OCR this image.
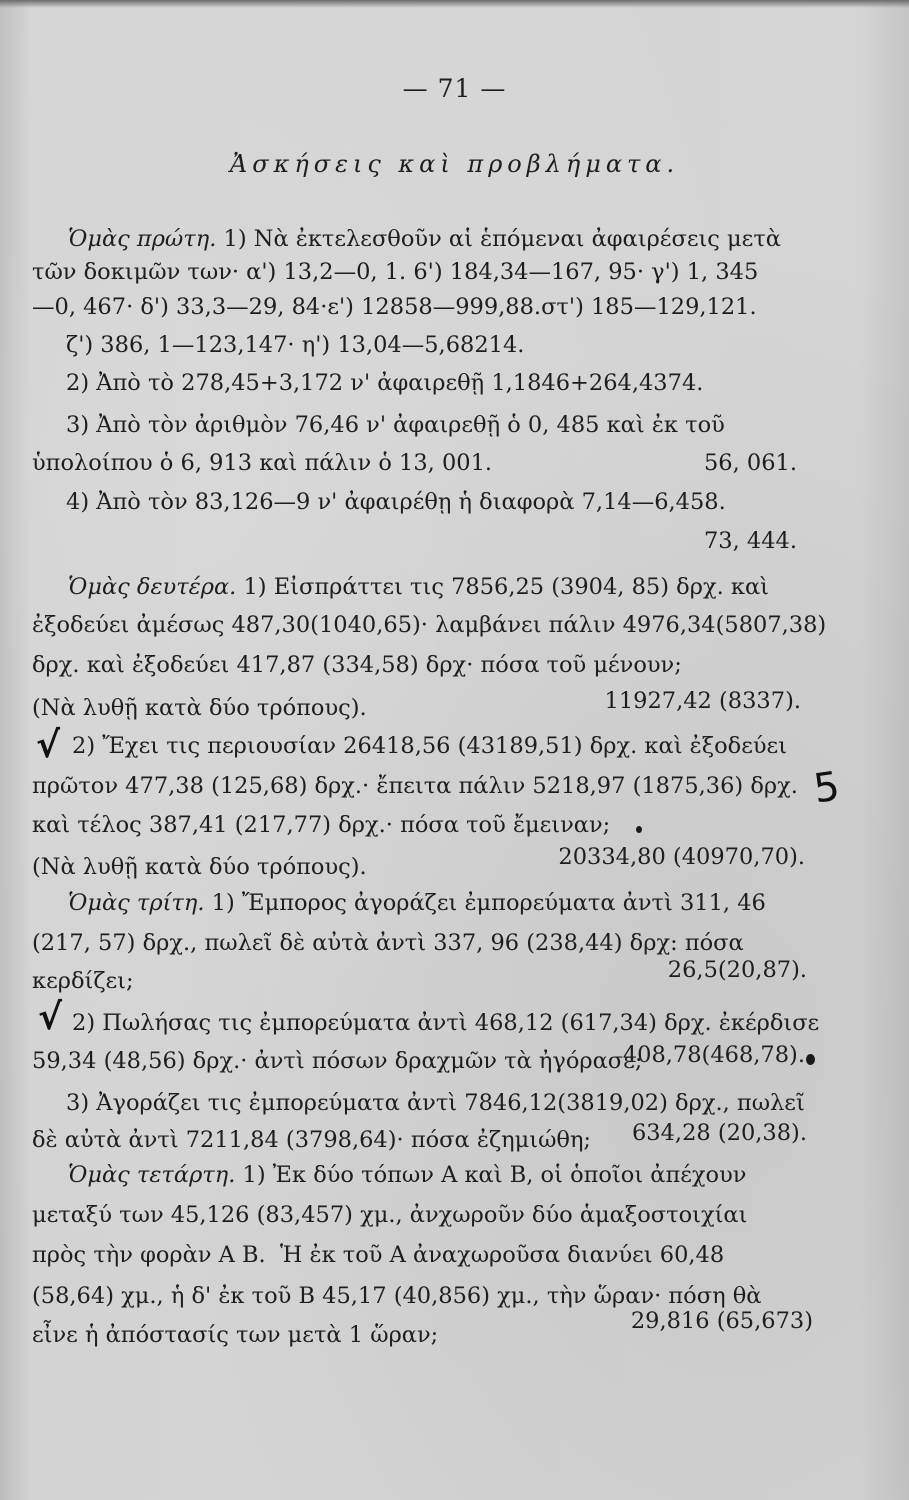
— 71 —
Ἀσκήσεις καὶ προβλήματα.
Ὁμὰς πρώτη. 1) Νὰ ἐκτελεσθοῦν αἱ ἑπόμεναι ἀφαιρέσεις μετὰ
τῶν δοκιμῶν των· α') 13,2—0, 1. 6') 184,34—167, 95· γ') 1, 345
—0, 467· δ') 33,3—29, 84·ε') 12858—999,88.στ') 185—129,121.
ζ') 386, 1—123,147· η') 13,04—5,68214.
2) Ἀπὸ τὸ 278,45+3,172 ν' ἀφαιρεθῇ 1,1846+264,4374.
3) Ἀπὸ τὸν ἀριθμὸν 76,46 ν' ἀφαιρεθῇ ὁ 0, 485 καὶ ἐκ τοῦ
ὑπολοίπου ὁ 6, 913 καὶ πάλιν ὁ 13, 001.	56, 061.
4) Ἀπὸ τὸν 83,126—9 ν' ἀφαιρέθῃ ἡ διαφορὰ 7,14—6,458.
73, 444.
Ὁμὰς δευτέρα. 1) Εἰσπράττει τις 7856,25 (3904, 85) δρχ. καὶ
ἐξοδεύει ἀμέσως 487,30(1040,65)· λαμβάνει πάλιν 4976,34(5807,38)
δρχ. καὶ ἐξοδεύει 417,87 (334,58) δρχ· πόσα τοῦ μένουν;
(Νὰ λυθῇ κατὰ δύο τρόπους).	11927,42 (8337).
√ 2) Ἔχει τις περιουσίαν 26418,56 (43189,51) δρχ. καὶ ἐξοδεύει
πρῶτον 477,38 (125,68) δρχ.· ἔπειτα πάλιν 5218,97 (1875,36) δρχ. 5
καὶ τέλος 387,41 (217,77) δρχ.· πόσα τοῦ ἔμειναν;
(Νὰ λυθῇ κατὰ δύο τρόπους).	20334,80 (40970,70).
Ὁμὰς τρίτη. 1) Ἔμπορος ἀγοράζει ἐμπορεύματα ἀντὶ 311, 46
(217, 57) δρχ., πωλεῖ δὲ αὐτὰ ἀντὶ 337, 96 (238,44) δρχ: πόσα
κερδίζει;	26,5(20,87).
√ 2) Πωλήσας τις ἐμπορεύματα ἀντὶ 468,12 (617,34) δρχ. ἐκέρδισε
59,34 (48,56) δρχ.· ἀντὶ πόσων δραχμῶν τὰ ἠγόρασε;
408,78(468,78).
3) Ἀγοράζει τις ἐμπορεύματα ἀντὶ 7846,12(3819,02) δρχ., πωλεῖ
δὲ αὐτὰ ἀντὶ 7211,84 (3798,64)· πόσα ἐζημιώθη; 634,28 (20,38).
Ὁμὰς τετάρτη. 1) Ἐκ δύο τόπων Α καὶ Β, οἱ ὁποῖοι ἀπέχουν
μεταξύ των 45,126 (83,457) χμ., ἀνχωροῦν δύο ἁμαξοστοιχίαι
πρὸς τὴν φορὰν Α Β.  Ἡ ἐκ τοῦ Α ἀναχωροῦσα διανύει 60,48
(58,64) χμ., ἡ δ' ἐκ τοῦ Β 45,17 (40,856) χμ., τὴν ὥραν· πόση θὰ
εἶνε ἡ ἀπόστασίς των μετὰ 1 ὥραν;
29,816 (65,673)
